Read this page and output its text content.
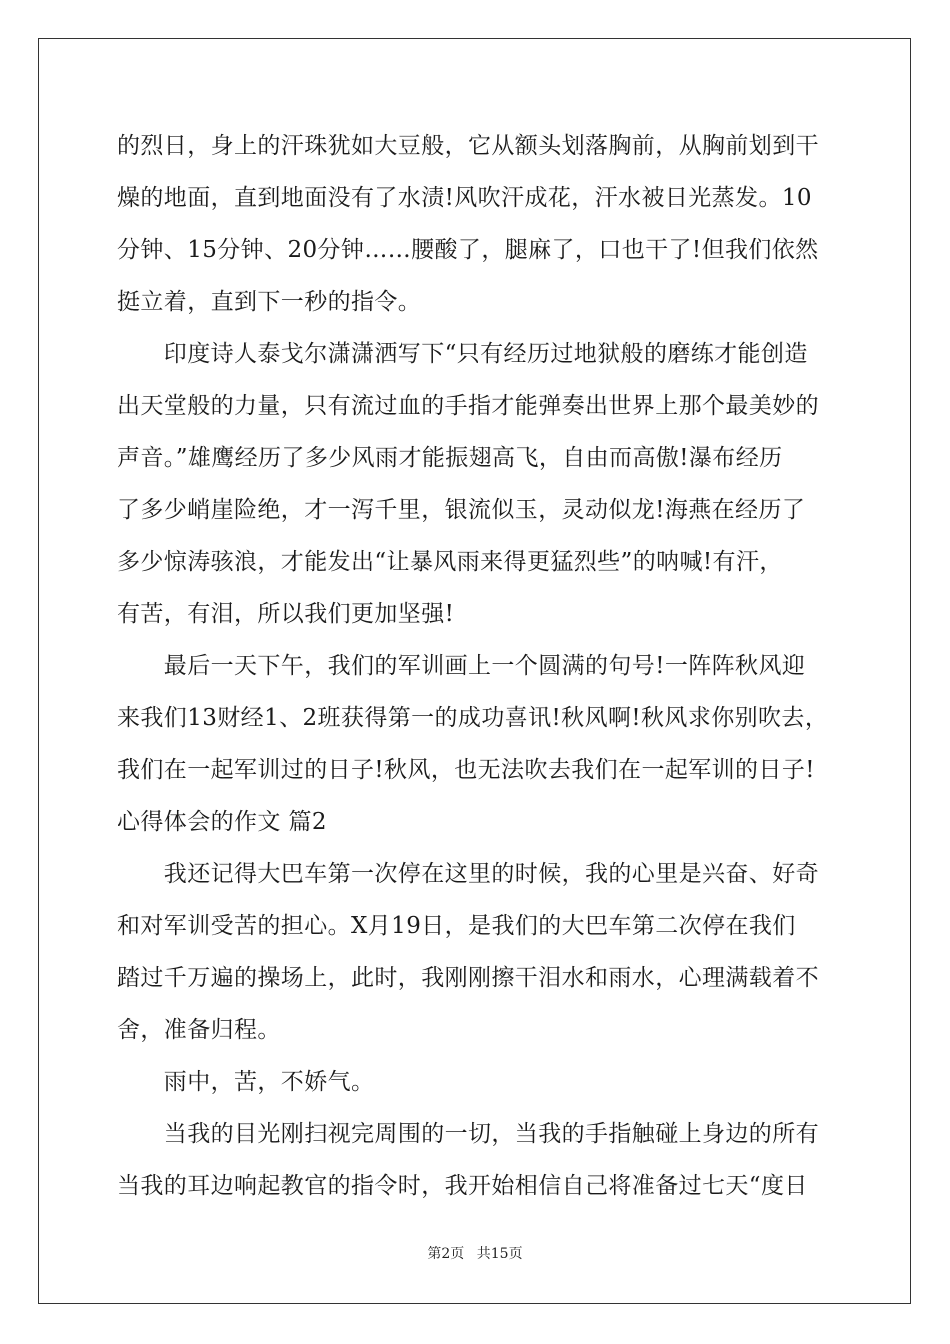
的烈日，身上的汗珠犹如大豆般，它从额头划落胸前，从胸前划到干
燥的地面，直到地面没有了水渍!风吹汗成花，汗水被日光蒸发。10
分钟、15分钟、20分钟……腰酸了，腿麻了，口也干了!但我们依然
挺立着，直到下一秒的指令。
　　印度诗人泰戈尔潇潇洒写下“只有经历过地狱般的磨练才能创造
出天堂般的力量，只有流过血的手指才能弹奏出世界上那个最美妙的
声音。”雄鹰经历了多少风雨才能振翅高飞，自由而高傲!瀑布经历
了多少峭崖险绝，才一泻千里，银流似玉，灵动似龙!海燕在经历了
多少惊涛骇浪，才能发出“让暴风雨来得更猛烈些”的呐喊!有汗，
有苦，有泪，所以我们更加坚强!
　　最后一天下午，我们的军训画上一个圆满的句号!一阵阵秋风迎
来我们13财经1、2班获得第一的成功喜讯!秋风啊!秋风求你别吹去，
我们在一起军训过的日子!秋风，也无法吹去我们在一起军训的日子!
心得体会的作文 篇2
　　我还记得大巴车第一次停在这里的时候，我的心里是兴奋、好奇
和对军训受苦的担心。X月19日，是我们的大巴车第二次停在我们
踏过千万遍的操场上，此时，我刚刚擦干泪水和雨水，心理满载着不
舍，准备归程。
　　雨中，苦，不娇气。
　　当我的目光刚扫视完周围的一切，当我的手指触碰上身边的所有
当我的耳边响起教官的指令时，我开始相信自己将准备过七天“度日
第2页 共15页
